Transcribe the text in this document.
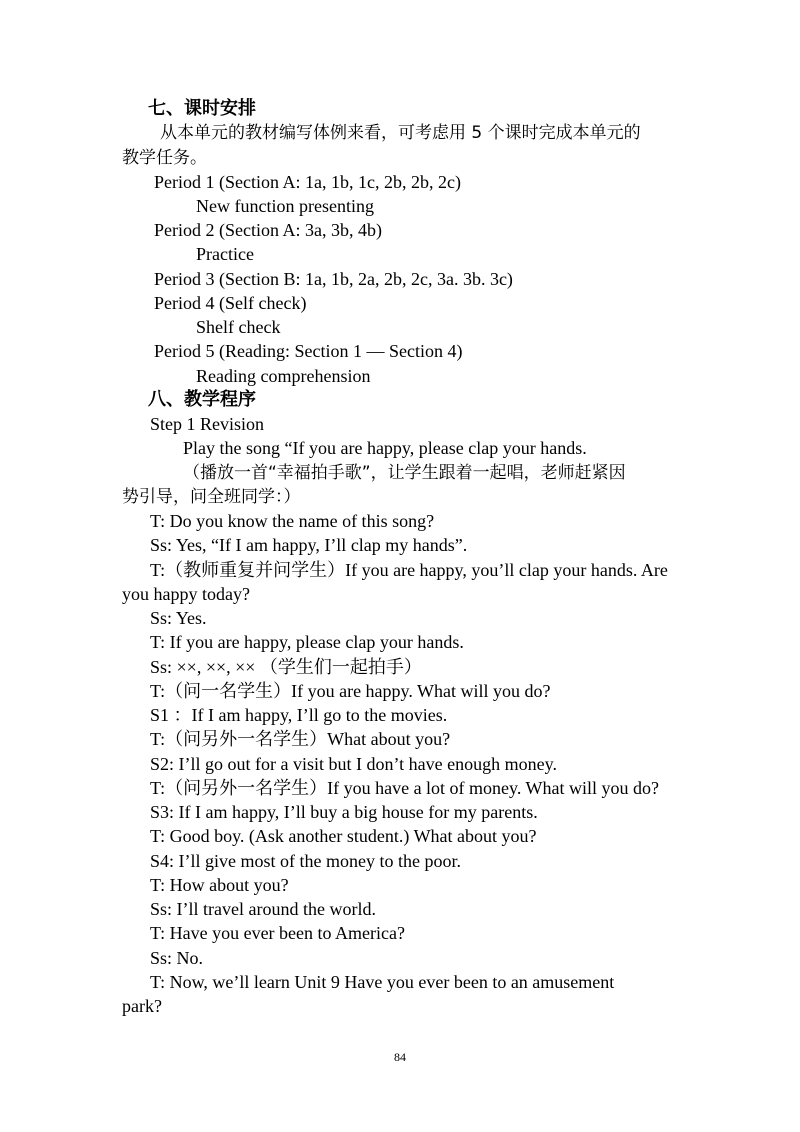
七、课时安排
从本单元的教材编写体例来看，可考虑用 5 个课时完成本单元的
教学任务。
Period 1 (Section A: 1a, 1b, 1c, 2b, 2b, 2c)
New function presenting
Period 2 (Section A: 3a, 3b, 4b)
Practice
Period 3 (Section B: 1a, 1b, 2a, 2b, 2c, 3a. 3b. 3c)
Period 4 (Self check)
Shelf check
Period 5 (Reading: Section 1 — Section 4)
Reading comprehension
八、教学程序
Step 1 Revision
Play the song “If you are happy, please clap your hands.
（播放一首“幸福拍手歌”，让学生跟着一起唱，老师赶紧因
势引导，问全班同学：）
T: Do you know the name of this song?
Ss: Yes, “If I am happy, I’ll clap my hands”.
T:（教师重复并问学生）If you are happy, you’ll clap your hands. Are
you happy today?
Ss: Yes.
T: If you are happy, please clap your hands.
Ss: ××, ××, ×× （学生们一起拍手）
T:（问一名学生）If you are happy. What will you do?
S1 ：If I am happy, I’ll go to the movies.
T:（问另外一名学生）What about you?
S2: I’ll go out for a visit but I don’t have enough money.
T:（问另外一名学生）If you have a lot of money. What will you do?
S3: If I am happy, I’ll buy a big house for my parents.
T: Good boy. (Ask another student.) What about you?
S4: I’ll give most of the money to the poor.
T: How about you?
Ss: I’ll travel around the world.
T: Have you ever been to America?
Ss: No.
T: Now, we’ll learn Unit 9 Have you ever been to an amusement
park?
84
